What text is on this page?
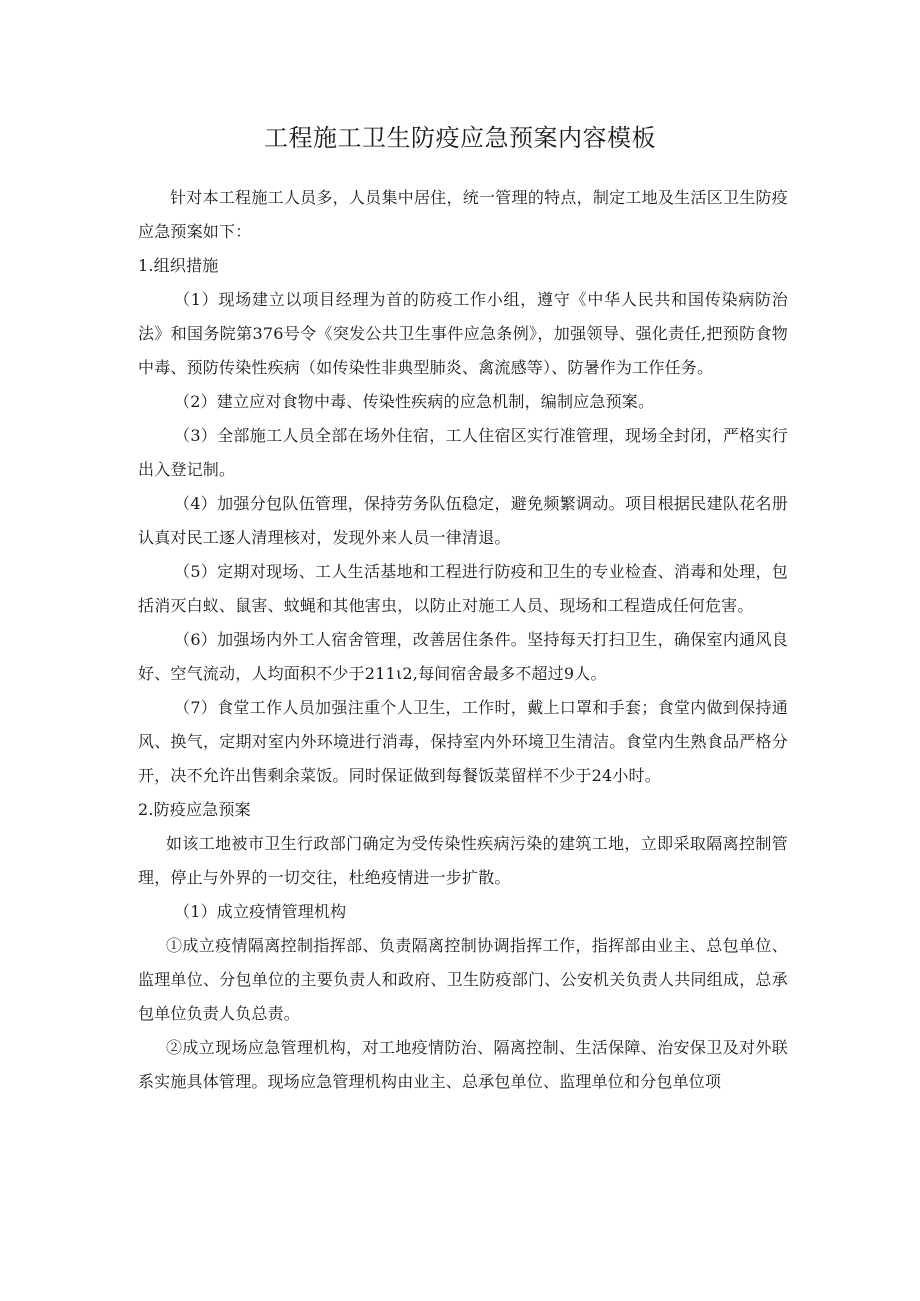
工程施工卫生防疫应急预案内容模板

针对本工程施工人员多，人员集中居住，统一管理的特点，制定工地及生活区卫生防疫应急预案如下：

1.组织措施

（1）现场建立以项目经理为首的防疫工作小组，遵守《中华人民共和国传染病防治法》和国务院第376号令《突发公共卫生事件应急条例》，加强领导、强化责任,把预防食物中毒、预防传染性疾病（如传染性非典型肺炎、禽流感等）、防暑作为工作任务。

（2）建立应对食物中毒、传染性疾病的应急机制，编制应急预案。

（3）全部施工人员全部在场外住宿，工人住宿区实行准管理，现场全封闭，严格实行出入登记制。

（4）加强分包队伍管理，保持劳务队伍稳定，避免频繁调动。项目根据民建队花名册认真对民工逐人清理核对，发现外来人员一律清退。

（5）定期对现场、工人生活基地和工程进行防疫和卫生的专业检查、消毒和处理，包括消灭白蚁、鼠害、蚊蝇和其他害虫，以防止对施工人员、现场和工程造成任何危害。

（6）加强场内外工人宿舍管理，改善居住条件。坚持每天打扫卫生，确保室内通风良好、空气流动，人均面积不少于211ι2,每间宿舍最多不超过9人。

（7）食堂工作人员加强注重个人卫生，工作时，戴上口罩和手套；食堂内做到保持通风、换气，定期对室内外环境进行消毒，保持室内外环境卫生清洁。食堂内生熟食品严格分开，决不允许出售剩余菜饭。同时保证做到每餐饭菜留样不少于24小时。

2.防疫应急预案

如该工地被市卫生行政部门确定为受传染性疾病污染的建筑工地，立即采取隔离控制管理，停止与外界的一切交往，杜绝疫情进一步扩散。

（1）成立疫情管理机构

①成立疫情隔离控制指挥部、负责隔离控制协调指挥工作，指挥部由业主、总包单位、监理单位、分包单位的主要负责人和政府、卫生防疫部门、公安机关负责人共同组成，总承包单位负责人负总责。

②成立现场应急管理机构，对工地疫情防治、隔离控制、生活保障、治安保卫及对外联系实施具体管理。现场应急管理机构由业主、总承包单位、监理单位和分包单位项
